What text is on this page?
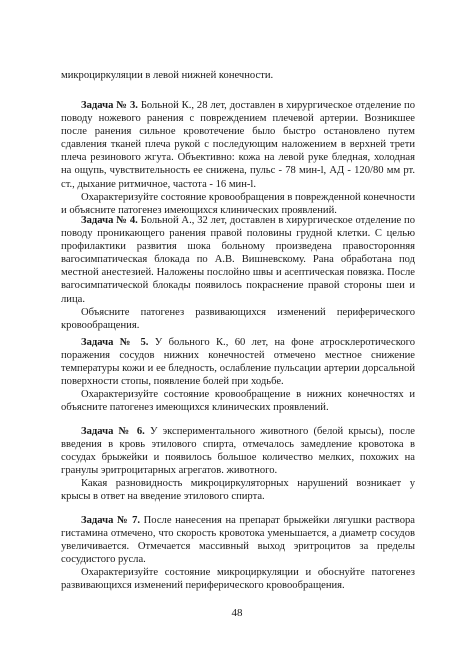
микроциркуляции в левой нижней конечности.

Задача № 3. Больной К., 28 лет, доставлен в хирургическое отделение по поводу ножевого ранения с повреждением плечевой артерии. Возникшее после ранения сильное кровотечение было быстро остановлено путем сдавления тканей плеча рукой с последующим наложением в верхней трети плеча резинового жгута. Объективно: кожа на левой руке бледная, холодная на ощупь, чувствительность ее снижена, пульс - 78 мин-l, АД - 120/80 мм рт. ст., дыхание ритмичное, частота - 16 мин-l.

Охарактеризуйте состояние кровообращения в поврежденной конечности и объясните патогенез имеющихся клинических проявлений.

Задача № 4. Больной А., 32 лет, доставлен в хирургическое отделение по поводу проникающего ранения правой половины грудной клетки. С целью профилактики развития шока больному произведена правосторонняя вагосимпатическая блокада по А.В. Вишневскому. Рана обработана под местной анестезией. Наложены послойно швы и асептическая повязка. После вагосимпатической блокады появилось покраснение правой стороны шеи и лица.

Объясните патогенез развивающихся изменений периферического кровообращения.

Задача № 5. У больного К., 60 лет, на фоне атросклеротического поражения сосудов нижних конечностей отмечено местное снижение температуры кожи и ее бледность, ослабление пульсации артерии дорсальной поверхности стопы, появление болей при ходьбе.

Охарактеризуйте состояние кровообращение в нижних конечностях и объясните патогенез имеющихся клинических проявлений.

Задача № 6. У экспериментального животного (белой крысы), после введения в кровь этилового спирта, отмечалось замедление кровотока в сосудах брыжейки и появилось большое количество мелких, похожих на гранулы эритроцитарных агрегатов. животного.

Какая разновидность микроциркуляторных нарушений возникает у крысы в ответ на введение этилового спирта.

Задача № 7. После нанесения на препарат брыжейки лягушки раствора гистамина отмечено, что скорость кровотока уменьшается, а диаметр сосудов увеличивается. Отмечается массивный выход эритроцитов за пределы сосудистого русла.

Охарактеризуйте состояние микроциркуляции и обоснуйте патогенез развивающихся изменений периферического кровообращения.

48
